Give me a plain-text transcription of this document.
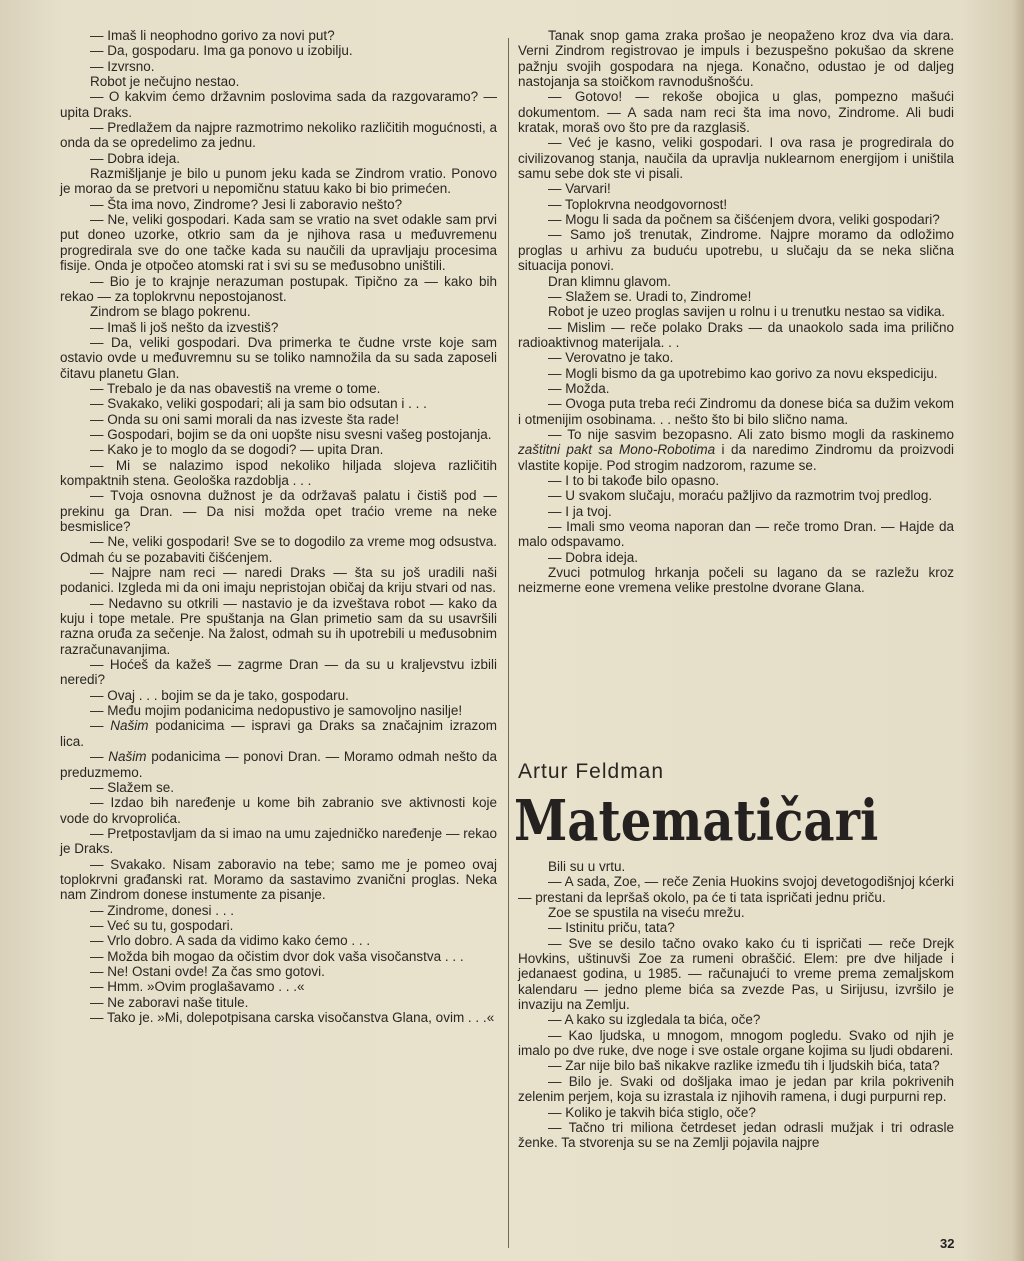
— Imaš li neophodno gorivo za novi put?

— Da, gospodaru. Ima ga ponovo u izobilju.

— Izvrsno.

Robot je nečujno nestao.

— O kakvim ćemo državnim poslovima sada da razgovaramo? — upita Draks.

— Predlažem da najpre razmotrimo nekoliko različitih mogućnosti, a onda da se opredelimo za jednu.

— Dobra ideja.

Razmišljanje je bilo u punom jeku kada se Zindrom vratio. Ponovo je morao da se pretvori u nepomičnu statuu kako bi bio primećen.

— Šta ima novo, Zindrome? Jesi li zaboravio nešto?

— Ne, veliki gospodari. Kada sam se vratio na svet odakle sam prvi put doneo uzorke, otkrio sam da je njihova rasa u međuvremenu progredirala sve do one tačke kada su naučili da upravljaju procesima fisije. Onda je otpočeo atomski rat i svi su se međusobno uništili.

— Bio je to krajnje nerazuman postupak. Tipično za — kako bih rekao — za toplokrvnu nepostojanost.

Zindrom se blago pokrenu.

— Imaš li još nešto da izvestiš?

— Da, veliki gospodari. Dva primerka te čudne vrste koje sam ostavio ovde u međuvremnu su se toliko namnožila da su sada zaposeli čitavu planetu Glan.

— Trebalo je da nas obavestiš na vreme o tome.

— Svakako, veliki gospodari; ali ja sam bio odsutan i . . .

— Onda su oni sami morali da nas izveste šta rade!

— Gospodari, bojim se da oni uopšte nisu svesni vašeg postojanja.

— Kako je to moglo da se dogodi? — upita Dran.

— Mi se nalazimo ispod nekoliko hiljada slojeva različitih kompaktnih stena. Geološka razdoblja . . .

— Tvoja osnovna dužnost je da održavaš palatu i čistiš pod — prekinu ga Dran. — Da nisi možda opet traćio vreme na neke besmislice?

— Ne, veliki gospodari! Sve se to dogodilo za vreme mog odsustva. Odmah ću se pozabaviti čišćenjem.

— Najpre nam reci — naredi Draks — šta su još uradili naši podanici. Izgleda mi da oni imaju nepristojan običaj da kriju stvari od nas.

— Nedavno su otkrili — nastavio je da izveštava robot — kako da kuju i tope metale. Pre spuštanja na Glan primetio sam da su usavršili razna oruđa za sečenje. Na žalost, odmah su ih upotrebili u međusobnim razračunavanjima.

— Hoćeš da kažeš — zagrme Dran — da su u kraljevstvu izbili neredi?

— Ovaj . . . bojim se da je tako, gospodaru.

— Među mojim podanicima nedopustivo je samovoljno nasilje!

— Našim podanicima — ispravi ga Draks sa značajnim izrazom lica.

— Našim podanicima — ponovi Dran. — Moramo odmah nešto da preduzmemo.

— Slažem se.

— Izdao bih naređenje u kome bih zabranio sve aktivnosti koje vode do krvoprolića.

— Pretpostavljam da si imao na umu zajedničko naređenje — rekao je Draks.

— Svakako. Nisam zaboravio na tebe; samo me je pomeo ovaj toplokrvni građanski rat. Moramo da sastavimo zvanični proglas. Neka nam Zindrom donese instumente za pisanje.

— Zindrome, donesi . . .

— Već su tu, gospodari.

— Vrlo dobro. A sada da vidimo kako ćemo . . .

— Možda bih mogao da očistim dvor dok vaša visočanstva . . .

— Ne! Ostani ovde! Za čas smo gotovi.

— Hmm. »Ovim proglašavamo . . .«

— Ne zaboravi naše titule.

— Tako je. »Mi, dolepotpisana carska visočanstva Glana, ovim . . .«

Tanak snop gama zraka prošao je neopaženo kroz dva via dara. Verni Zindrom registrovao je impuls i bezuspešno pokušao da skrene pažnju svojih gospodara na njega. Konačno, odustao je od daljeg nastojanja sa stoičkom ravnodušnošću.

— Gotovo! — rekoše obojica u glas, pompezno mašući dokumentom. — A sada nam reci šta ima novo, Zindrome. Ali budi kratak, moraš ovo što pre da razglasiš.

— Već je kasno, veliki gospodari. I ova rasa je progredirala do civilizovanog stanja, naučila da upravlja nuklearnom energijom i uništila samu sebe dok ste vi pisali.

— Varvari!

— Toplokrvna neodgovornost!

— Mogu li sada da počnem sa čišćenjem dvora, veliki gospodari?

— Samo još trenutak, Zindrome. Najpre moramo da odložimo proglas u arhivu za buduću upotrebu, u slučaju da se neka slična situacija ponovi.

Dran klimnu glavom.

— Slažem se. Uradi to, Zindrome!

Robot je uzeo proglas savijen u rolnu i u trenutku nestao sa vidika.

— Mislim — reče polako Draks — da unaokolo sada ima prilično radioaktivnog materijala. . .

— Verovatno je tako.

— Mogli bismo da ga upotrebimo kao gorivo za novu ekspediciju.

— Možda.

— Ovoga puta treba reći Zindromu da donese bića sa dužim vekom i otmenijim osobinama. . . nešto što bi bilo slično nama.

— To nije sasvim bezopasno. Ali zato bismo mogli da raskinemo zaštitni pakt sa Mono-Robotima i da naredimo Zindromu da proizvodi vlastite kopije. Pod strogim nadzorom, razume se.

— I to bi takođe bilo opasno.

— U svakom slučaju, moraću pažljivo da razmotrim tvoj predlog.

— I ja tvoj.

— Imali smo veoma naporan dan — reče tromo Dran. — Hajde da malo odspavamo.

— Dobra ideja.

Zvuci potmulog hrkanja počeli su lagano da se razležu kroz neizmerne eone vremena velike prestolne dvorane Glana.

Artur Feldman
Matematičari

Bili su u vrtu.

— A sada, Zoe, — reče Zenia Huokins svojoj devetogodišnjoj kćerki — prestani da lepršaš okolo, pa će ti tata ispričati jednu priču.

Zoe se spustila na viseću mrežu.

— Istinitu priču, tata?

— Sve se desilo tačno ovako kako ću ti ispričati — reče Drejk Hovkins, uštinuvši Zoe za rumeni obraščić. Elem: pre dve hiljade i jedanaest godina, u 1985. — računajući to vreme prema zemaljskom kalendaru — jedno pleme bića sa zvezde Pas, u Sirijusu, izvršilo je invaziju na Zemlju.

— A kako su izgledala ta bića, oče?

— Kao ljudska, u mnogom, mnogom pogledu. Svako od njih je imalo po dve ruke, dve noge i sve ostale organe kojima su ljudi obdareni.

— Zar nije bilo baš nikakve razlike između tih i ljudskih bića, tata?

— Bilo je. Svaki od došljaka imao je jedan par krila pokrivenih zelenim perjem, koja su izrastala iz njihovih ramena, i dugi purpurni rep.

— Koliko je takvih bića stiglo, oče?

— Tačno tri miliona četrdeset jedan odrasli mužjak i tri odrasle ženke. Ta stvorenja su se na Zemlji pojavila najpre

32
